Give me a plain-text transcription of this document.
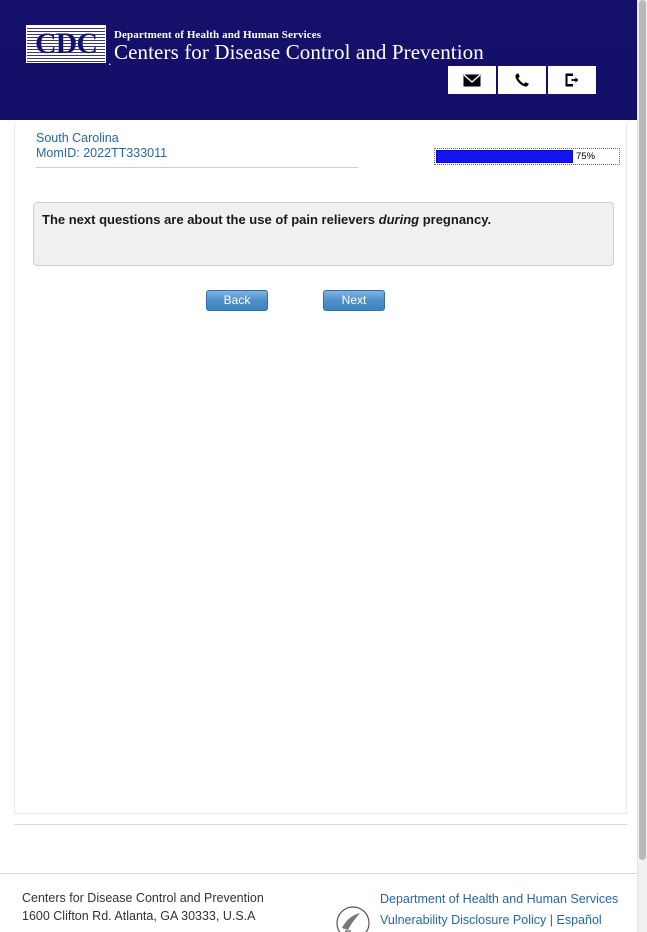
CDC
.
Department of Health and Human Services
Centers for Disease Control and Prevention
South Carolina
MomID: 2022TT333011	75%
The next questions are about the use of pain relievers during pregnancy.
Back	Next
Centers for Disease Control and Prevention
1600 Clifton Rd. Atlanta, GA 30333, U.S.A
Department of Health and Human Services
Vulnerability Disclosure Policy | Español
